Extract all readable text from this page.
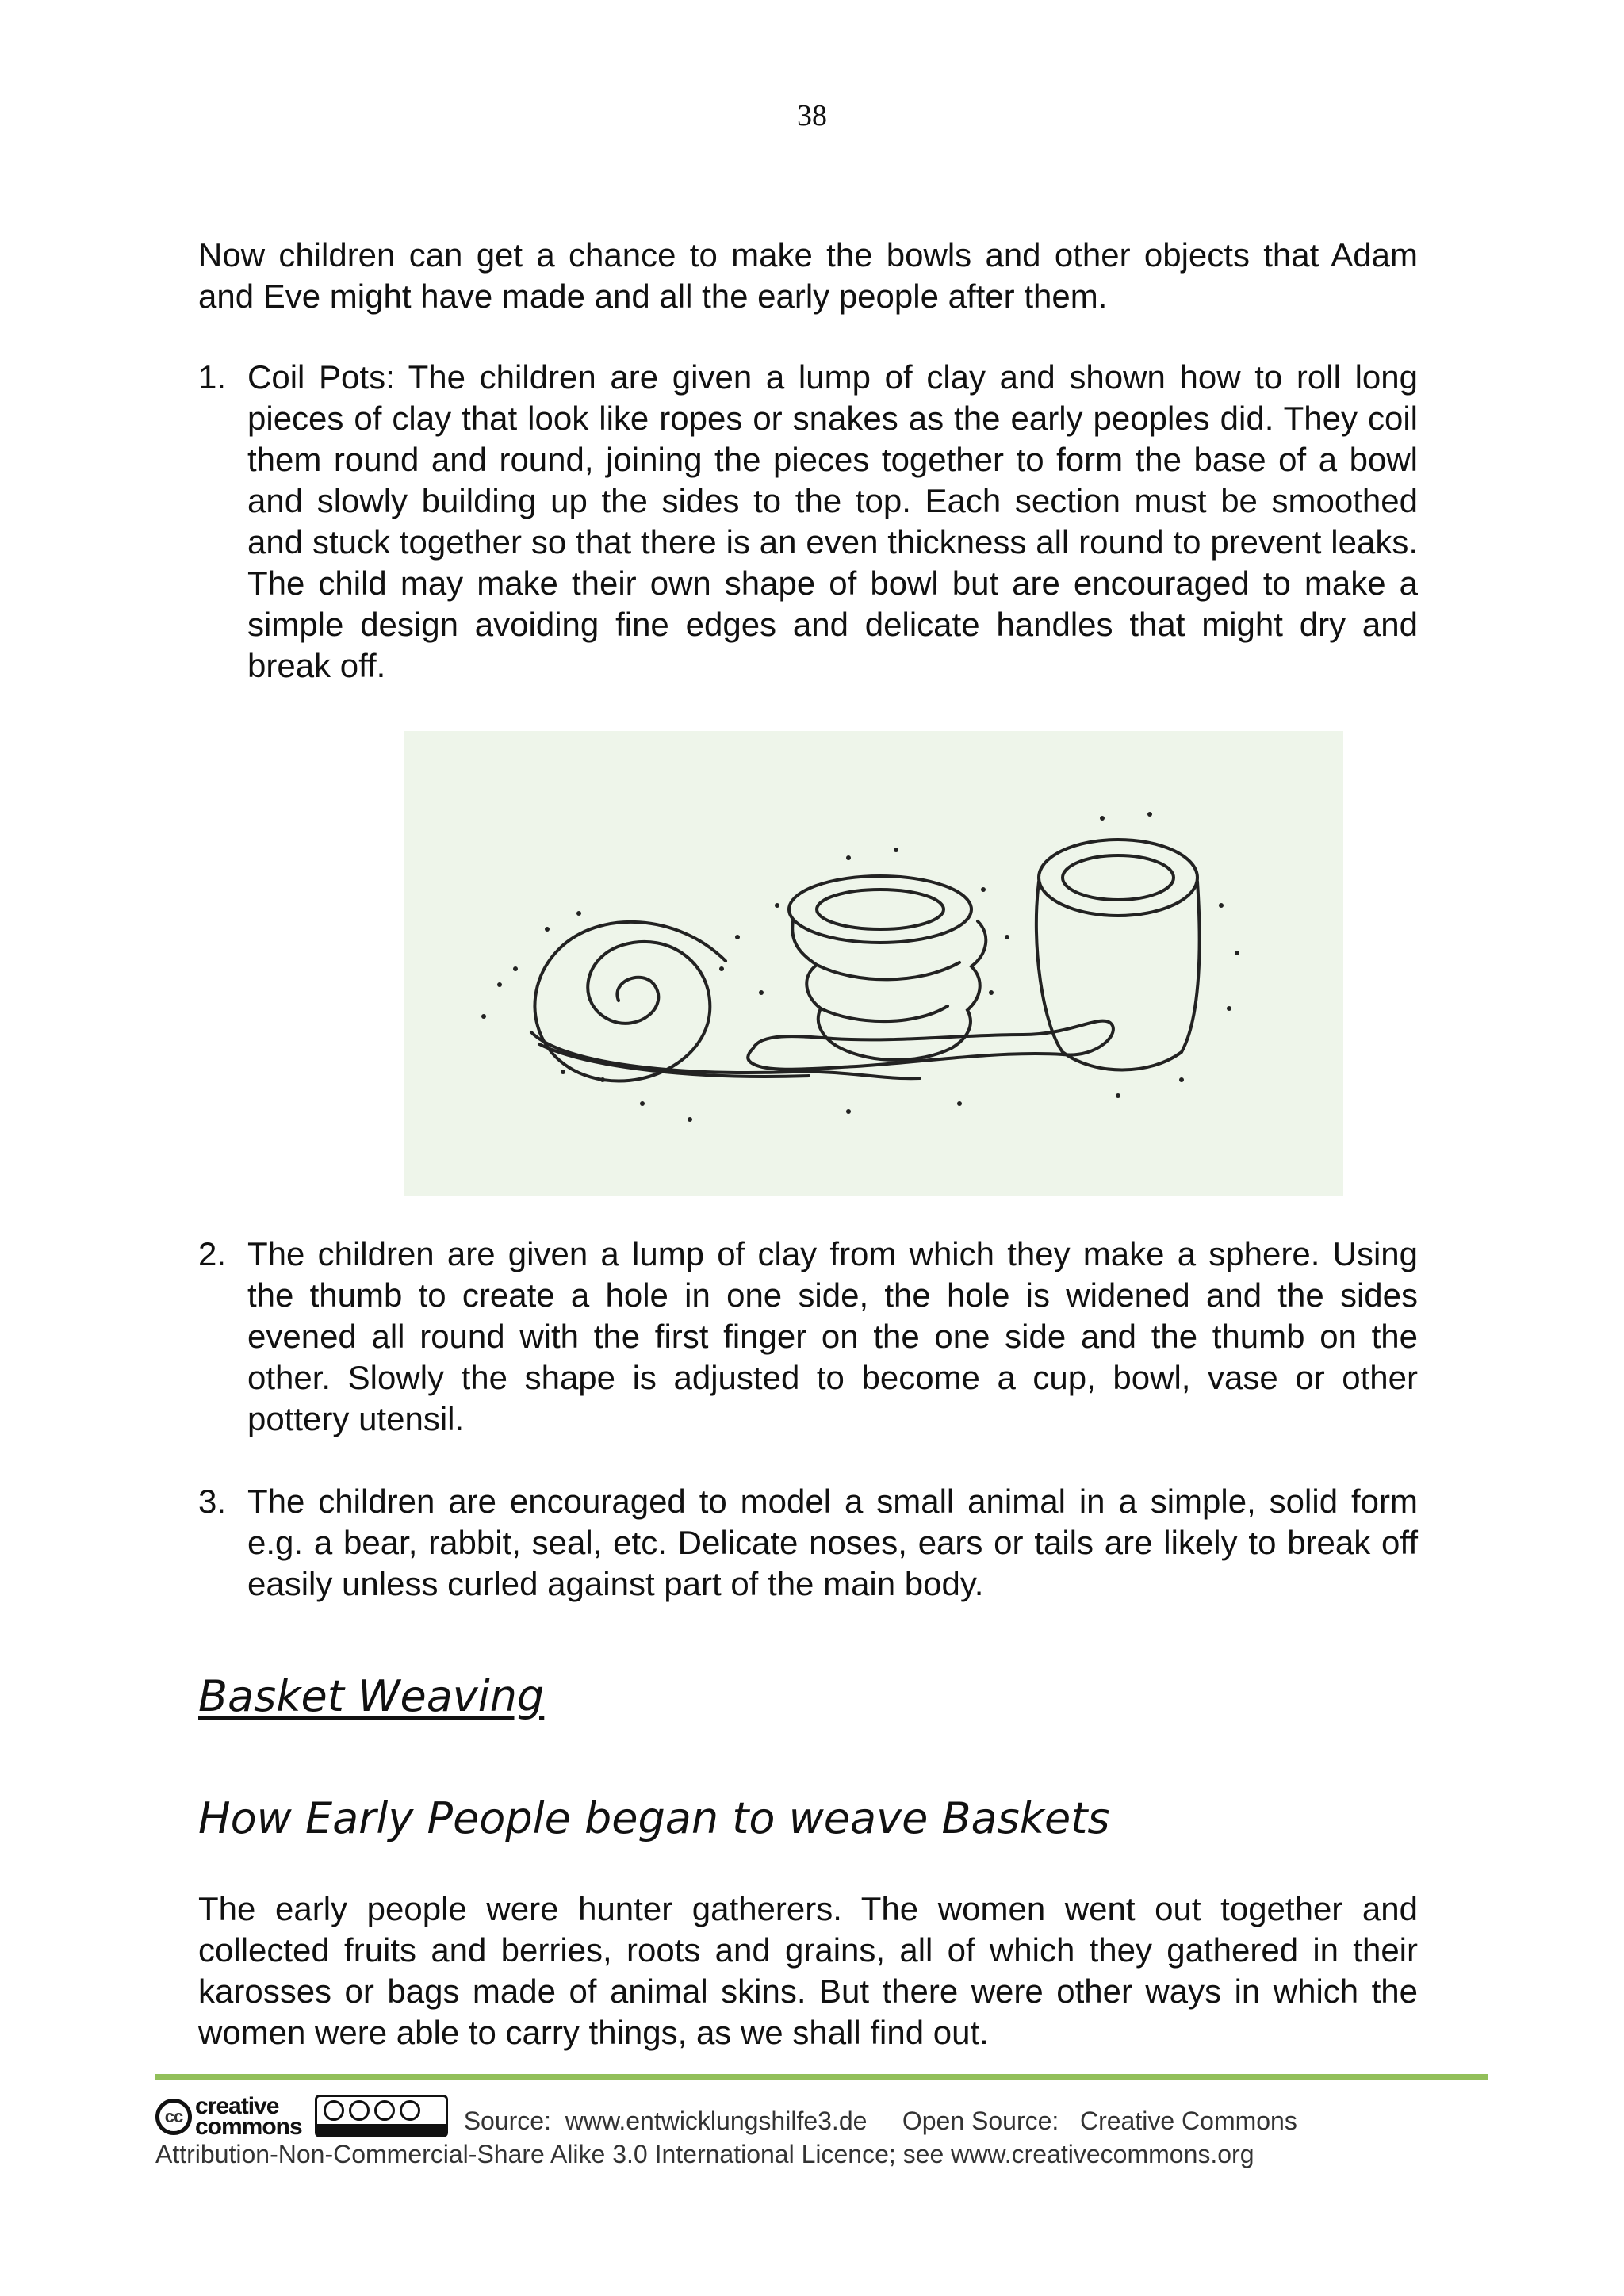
38

Now children can get a chance to make the bowls and other objects that Adam and Eve might have made and all the early people after them.

1. Coil Pots: The children are given a lump of clay and shown how to roll long pieces of clay that look like ropes or snakes as the early peoples did. They coil them round and round, joining the pieces together to form the base of a bowl and slowly building up the sides to the top. Each section must be smoothed and stuck together so that there is an even thickness all round to prevent leaks. The child may make their own shape of bowl but are encouraged to make a simple design avoiding fine edges and delicate handles that might dry and break off.
2. The children are given a lump of clay from which they make a sphere. Using the thumb to create a hole in one side, the hole is widened and the sides evened all round with the first finger on the one side and the thumb on the other. Slowly the shape is adjusted to become a cup, bowl, vase or other pottery utensil.
3. The children are encouraged to model a small animal in a simple, solid form e.g. a bear, rabbit, seal, etc. Delicate noses, ears or tails are likely to break off easily unless curled against part of the main body.
Basket Weaving
How Early People began to weave Baskets

The early people were hunter gatherers. The women went out together and collected fruits and berries, roots and grains, all of which they gathered in their karosses or bags made of animal skins. But there were other ways in which the women were able to carry things, as we shall find out.

cc creative
commons	Source:  www.entwicklungshilfe3.de     Open Source:   Creative Commons
Attribution-Non-Commercial-Share Alike 3.0 International Licence; see www.creativecommons.org
